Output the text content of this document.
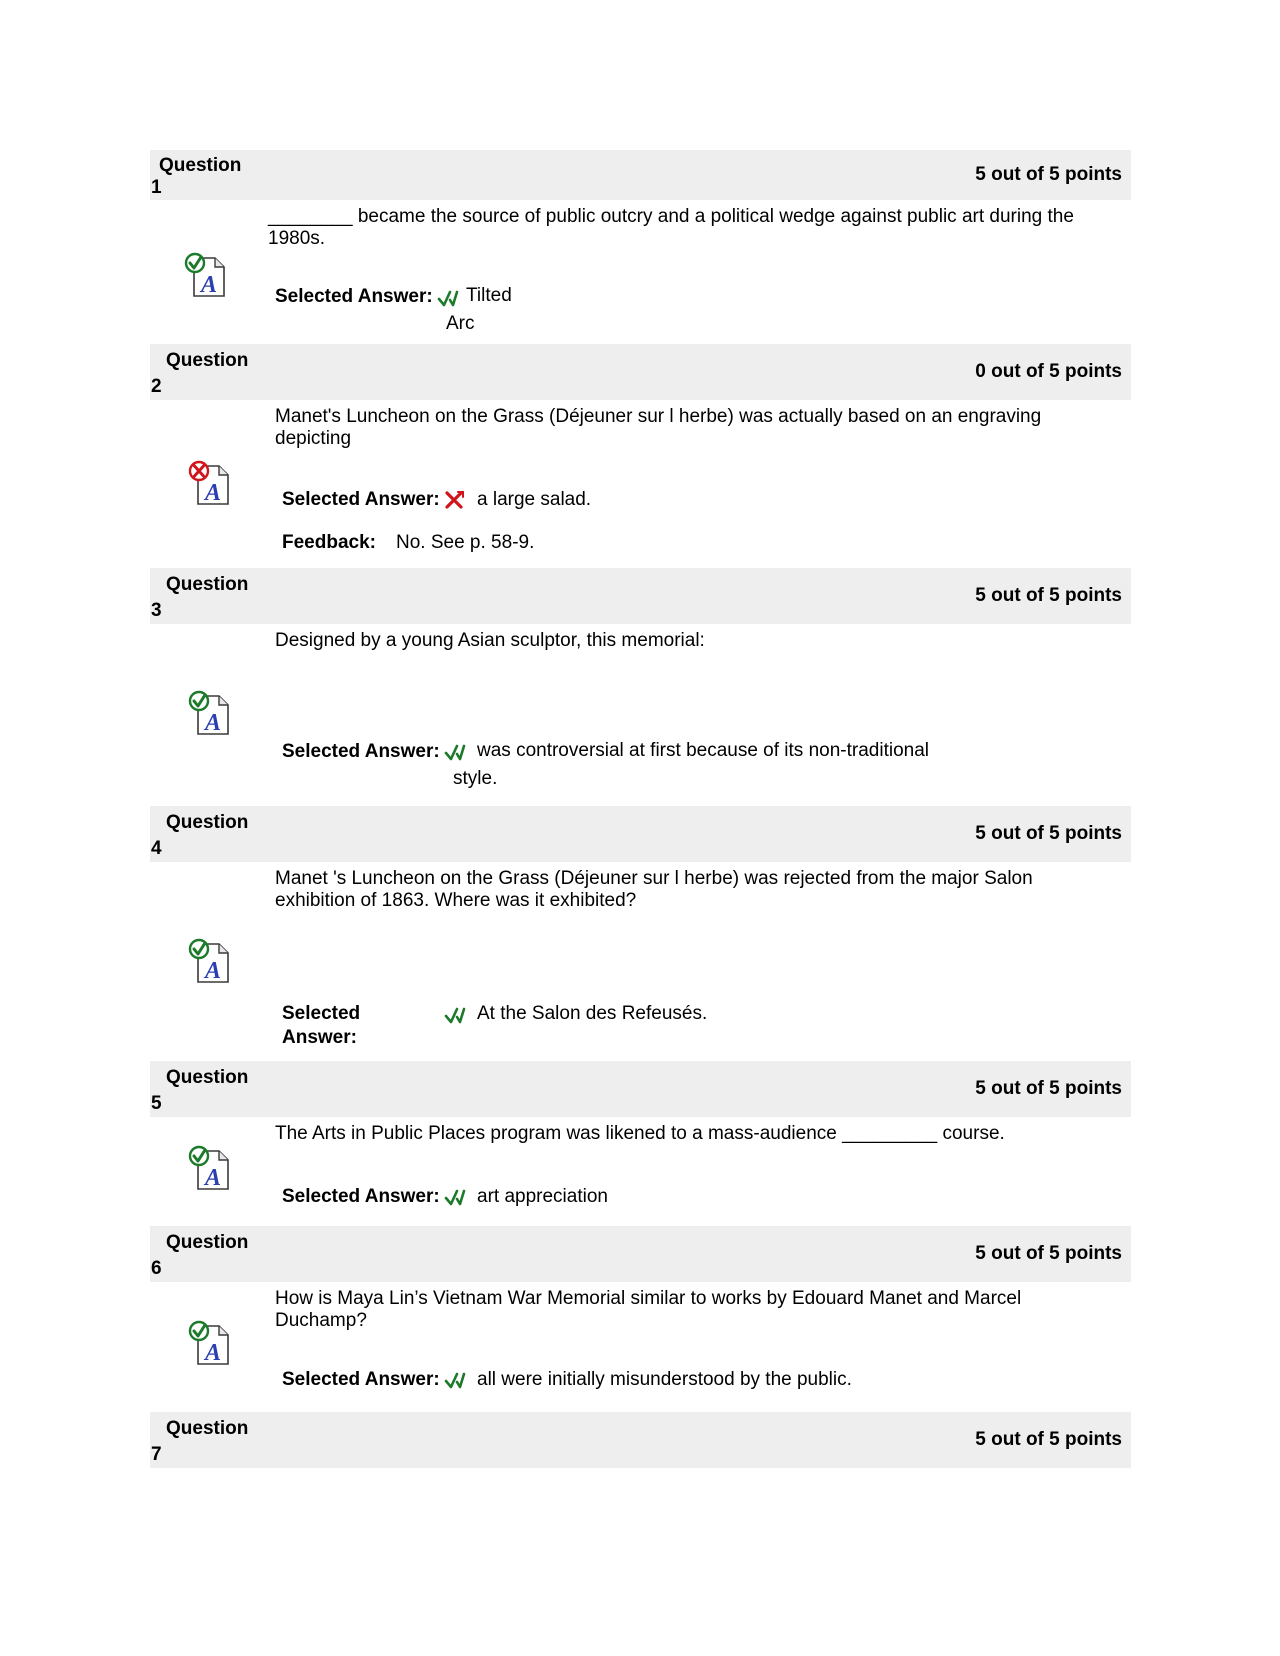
Question
1
5 out of 5 points
A
________ became the source of public outcry and a political wedge against public art during the 1980s.
Selected Answer:	Tilted Arc
Question
2
0 out of 5 points
A
Manet's Luncheon on the Grass (Déjeuner sur l herbe) was actually based on an engraving depicting
Selected Answer: a large salad.
Feedback: No. See p. 58-9.
Question
3
5 out of 5 points
A
Designed by a young Asian sculptor, this memorial:
Selected Answer:	was controversial at first because of its non-traditional style.
Question
4
5 out of 5 points
A
Manet 's Luncheon on the Grass (Déjeuner sur l herbe) was rejected from the major Salon exhibition of 1863. Where was it exhibited?
Selected Answer:
At the Salon des Refeusés.
Question
5
5 out of 5 points
A
The Arts in Public Places program was likened to a mass-audience _________ course.
Selected Answer: art appreciation
Question
6
5 out of 5 points
A
How is Maya Lin’s Vietnam War Memorial similar to works by Edouard Manet and Marcel Duchamp?
Selected Answer: all were initially misunderstood by the public.
Question
7
5 out of 5 points
